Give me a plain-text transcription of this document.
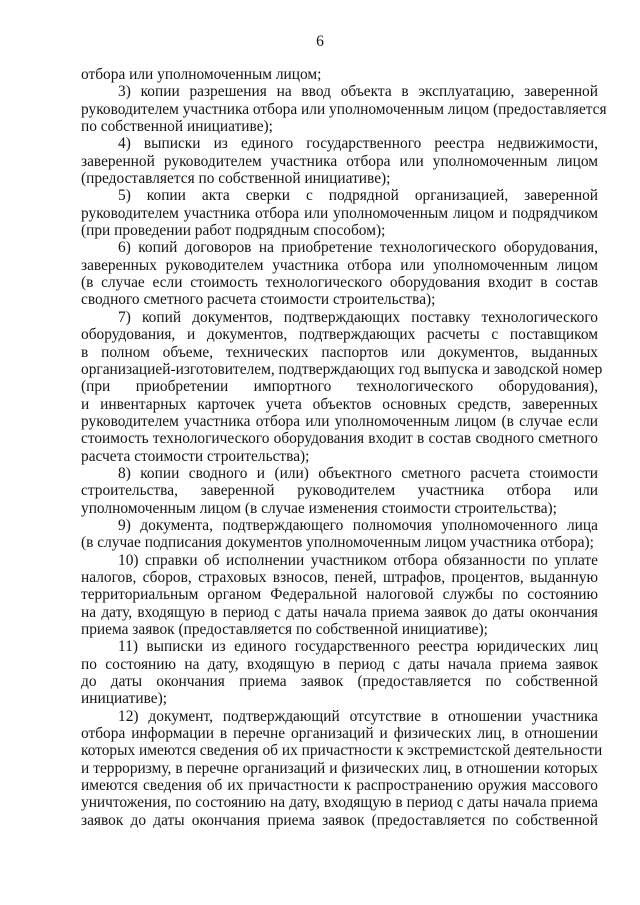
6
отбора или уполномоченным лицом;
3) копии разрешения на ввод объекта в эксплуатацию, заверенной
руководителем участника отбора или уполномоченным лицом (предоставляется
по собственной инициативе);
4) выписки из единого государственного реестра недвижимости,
заверенной руководителем участника отбора или уполномоченным лицом
(предоставляется по собственной инициативе);
5) копии акта сверки с подрядной организацией, заверенной
руководителем участника отбора или уполномоченным лицом и подрядчиком
(при проведении работ подрядным способом);
6) копий договоров на приобретение технологического оборудования,
заверенных руководителем участника отбора или уполномоченным лицом
(в случае если стоимость технологического оборудования входит в состав
сводного сметного расчета стоимости строительства);
7) копий документов, подтверждающих поставку технологического
оборудования, и документов, подтверждающих расчеты с поставщиком
в полном объеме, технических паспортов или документов, выданных
организацией-изготовителем, подтверждающих год выпуска и заводской номер
(при приобретении импортного технологического оборудования),
и инвентарных карточек учета объектов основных средств, заверенных
руководителем участника отбора или уполномоченным лицом (в случае если
стоимость технологического оборудования входит в состав сводного сметного
расчета стоимости строительства);
8) копии сводного и (или) объектного сметного расчета стоимости
строительства, заверенной руководителем участника отбора или
уполномоченным лицом (в случае изменения стоимости строительства);
9) документа, подтверждающего полномочия уполномоченного лица
(в случае подписания документов уполномоченным лицом участника отбора);
10) справки об исполнении участником отбора обязанности по уплате
налогов, сборов, страховых взносов, пеней, штрафов, процентов, выданную
территориальным органом Федеральной налоговой службы по состоянию
на дату, входящую в период с даты начала приема заявок до даты окончания
приема заявок (предоставляется по собственной инициативе);
11) выписки из единого государственного реестра юридических лиц
по состоянию на дату, входящую в период с даты начала приема заявок
до даты окончания приема заявок (предоставляется по собственной
инициативе);
12) документ, подтверждающий отсутствие в отношении участника
отбора информации в перечне организаций и физических лиц, в отношении
которых имеются сведения об их причастности к экстремистской деятельности
и терроризму, в перечне организаций и физических лиц, в отношении которых
имеются сведения об их причастности к распространению оружия массового
уничтожения, по состоянию на дату, входящую в период с даты начала приема
заявок до даты окончания приема заявок (предоставляется по собственной
